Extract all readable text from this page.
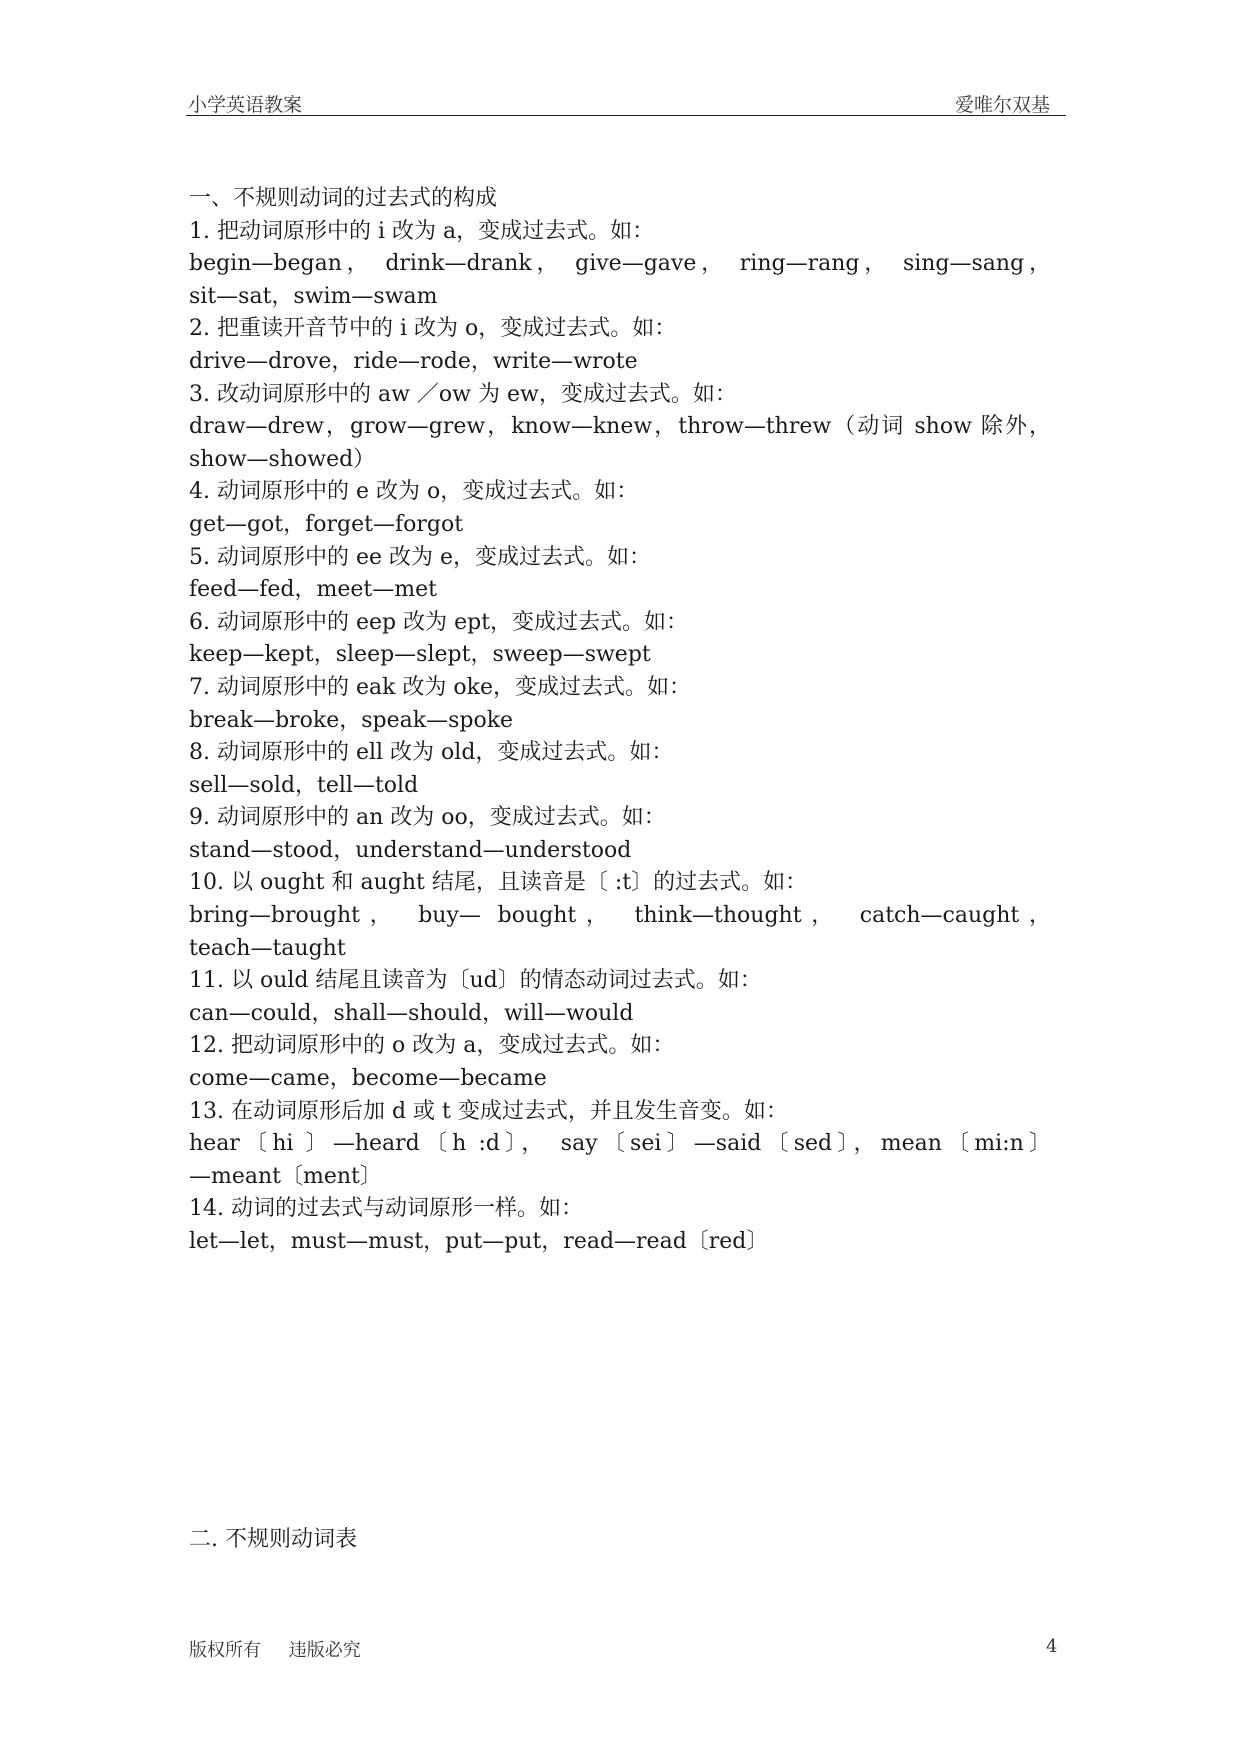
小学英语教案	爱唯尔双基
一、不规则动词的过去式的构成
1. 把动词原形中的 i 改为 a，变成过去式。如：
begin—began， drink—drank， give—gave， ring—rang， sing—sang，
sit—sat，swim—swam
2. 把重读开音节中的 i 改为 o，变成过去式。如：
drive—drove，ride—rode，write—wrote
3. 改动词原形中的 aw ／ow 为 ew，变成过去式。如：
draw—drew，grow—grew，know—knew，throw—threw（动词 show 除外，
show—showed）
4. 动词原形中的 e 改为 o，变成过去式。如：
get—got，forget—forgot
5. 动词原形中的 ee 改为 e，变成过去式。如：
feed—fed，meet—met
6. 动词原形中的 eep 改为 ept，变成过去式。如：
keep—kept，sleep—slept，sweep—swept
7. 动词原形中的 eak 改为 oke，变成过去式。如：
break—broke，speak—spoke
8. 动词原形中的 ell 改为 old，变成过去式。如：
sell—sold，tell—told
9. 动词原形中的 an 改为 oo，变成过去式。如：
stand—stood，understand—understood
10. 以 ought 和 aught 结尾，且读音是〔 :t〕的过去式。如：
bring—brought， buy— bought， think—thought， catch—caught，
teach—taught
11. 以 ould 结尾且读音为〔ud〕的情态动词过去式。如：
can—could，shall—should，will—would
12. 把动词原形中的 o 改为 a，变成过去式。如：
come—came，become—became
13. 在动词原形后加 d 或 t 变成过去式，并且发生音变。如：
hear〔hi 〕—heard〔h :d〕， say〔sei〕—said〔sed〕，mean〔mi:n〕
—meant〔ment〕
14. 动词的过去式与动词原形一样。如：
let—let，must—must，put—put，read—read〔red〕
二. 不规则动词表
版权所有 违版必究	4
